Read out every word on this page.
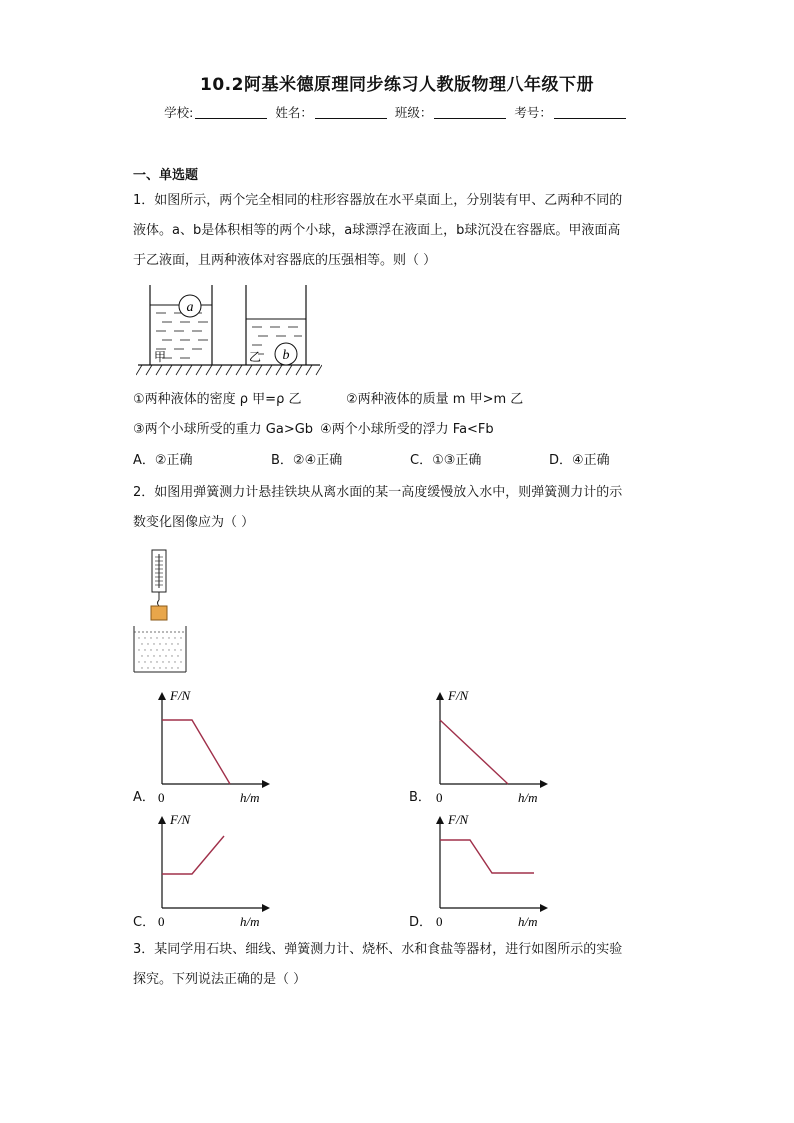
10.2阿基米德原理同步练习人教版物理八年级下册
学校:	姓名：	班级：	考号：
一、单选题
1．如图所示，两个完全相同的柱形容器放在水平桌面上，分别装有甲、乙两种不同的
液体。a、b是体积相等的两个小球，a球漂浮在液面上，b球沉没在容器底。甲液面高
于乙液面，且两种液体对容器底的压强相等。则（ ）
a
甲	b
乙
①两种液体的密度 ρ 甲=ρ 乙	②两种液体的质量 m 甲>m 乙
③两个小球所受的重力 Ga>Gb ④两个小球所受的浮力 Fa<Fb
A．②正确	B．②④正确	C．①③正确	D．④正确
2．如图用弹簧测力计悬挂铁块从离水面的某一高度缓慢放入水中，则弹簧测力计的示
数变化图像应为（ ）
A．	B．
C．	D．
F/N
0	h/m
F/N
0	h/m
F/N
0	h/m
F/N
0	h/m
3．某同学用石块、细线、弹簧测力计、烧杯、水和食盐等器材，进行如图所示的实验
探究。下列说法正确的是（ ）
